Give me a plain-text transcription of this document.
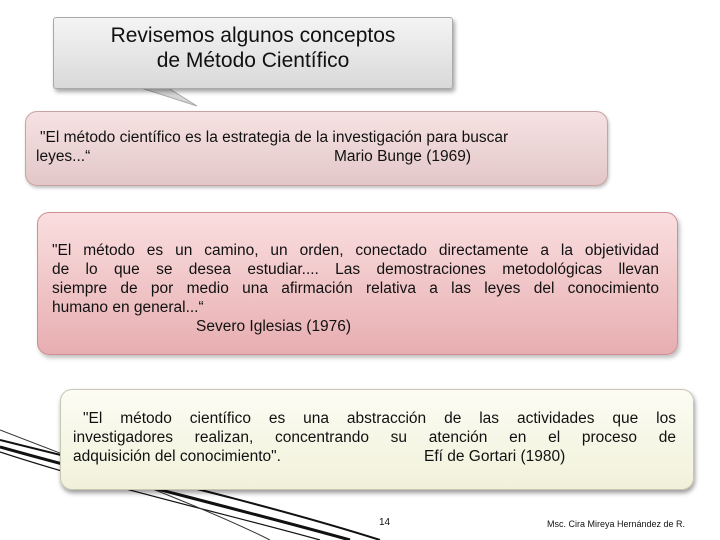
Revisemos algunos conceptos
de Método Científico
"El método científico es la estrategia de la investigación para buscar
leyes...“	Mario Bunge (1969)
"El método es un camino, un orden, conectado directamente a la objetividad
de lo que se desea estudiar.... Las demostraciones metodológicas llevan
siempre de por medio una afirmación relativa a las leyes del conocimiento
humano en general...“
Severo Iglesias (1976)
"El método científico es una abstracción de las actividades que los
investigadores realizan, concentrando su atención en el proceso de
adquisición del conocimiento".	Efí de Gortari (1980)
14	Msc. Cira Mireya Hernández de R.
